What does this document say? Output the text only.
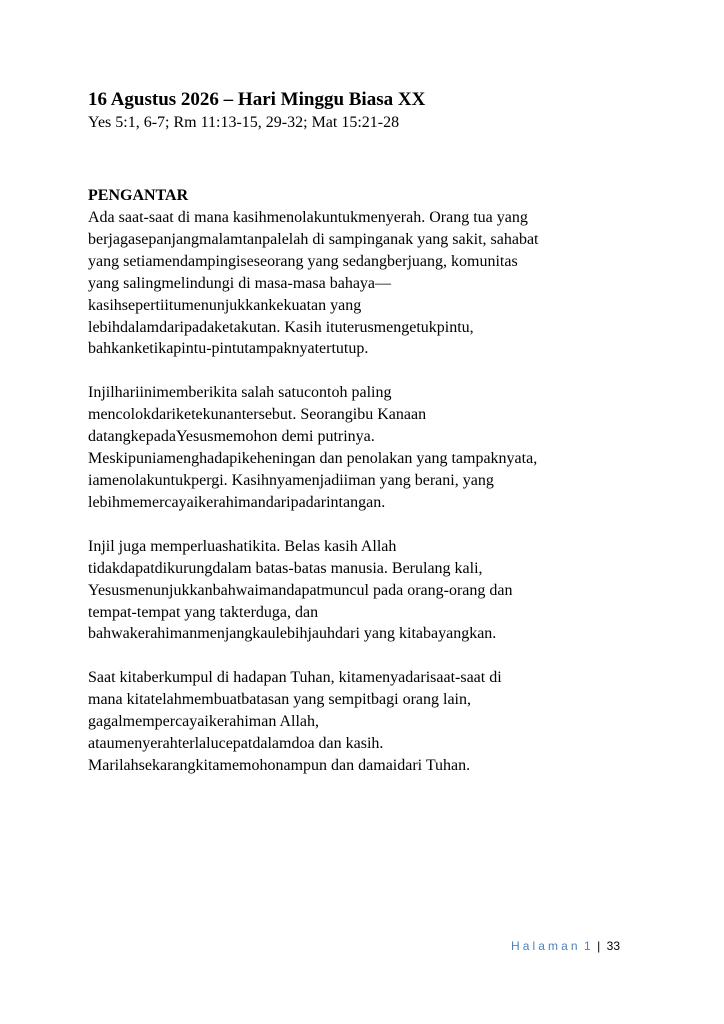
16 Agustus 2026 – Hari Minggu Biasa XX

Yes 5:1, 6-7; Rm 11:13-15, 29-32; Mat 15:21-28

PENGANTAR
Ada saat-saat di mana kasihmenolakuntukmenyerah. Orang tua yang
berjagasepanjangmalamtanpalelah di sampinganak yang sakit, sahabat
yang setiamendampingiseseorang yang sedangberjuang, komunitas
yang salingmelindungi di masa-masa bahaya—
kasihsepertiitumenunjukkankekuatan yang
lebihdalamdaripadaketakutan. Kasih ituterusmengetukpintu,
bahkanketikapintu-pintutampaknyatertutup.
Injilhariinimemberikita salah satucontoh paling
mencolokdariketekunantersebut. Seorangibu Kanaan
datangkepadaYesusmemohon demi putrinya.
Meskipuniamenghadapikeheningan dan penolakan yang tampaknyata,
iamenolakuntukpergi. Kasihnyamenjadiiman yang berani, yang
lebihmemercayaikerahimandaripadarintangan.
Injil juga memperluashatikita. Belas kasih Allah
tidakdapatdikurungdalam batas-batas manusia. Berulang kali,
Yesusmenunjukkanbahwaimandapatmuncul pada orang-orang dan
tempat-tempat yang takterduga, dan
bahwakerahimanmenjangkaulebihjauhdari yang kitabayangkan.
Saat kitaberkumpul di hadapan Tuhan, kitamenyadarisaat-saat di
mana kitatelahmembuatbatasan yang sempitbagi orang lain,
gagalmempercayaikerahiman Allah,
ataumenyerahterlalucepatdalamdoa dan kasih.
Marilahsekarangkitamemohonampun dan damaidari Tuhan.
Halaman 1 | 33
